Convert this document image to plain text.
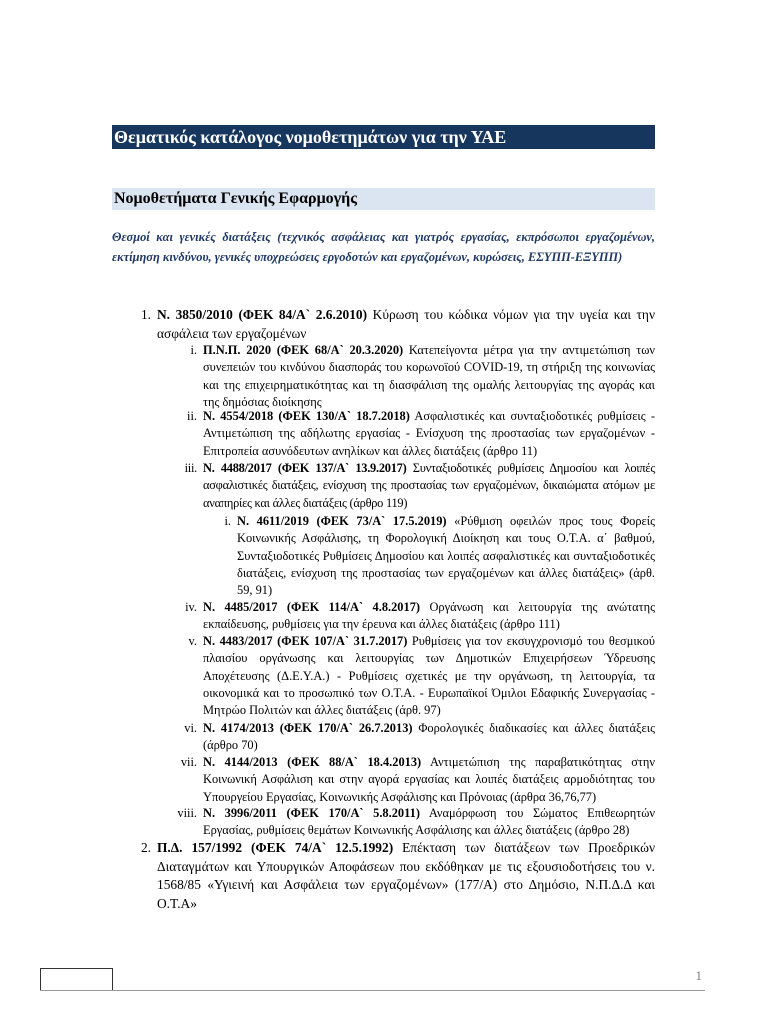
Θεματικός κατάλογος νομοθετημάτων για την ΥΑΕ
Νομοθετήματα Γενικής Εφαρμογής
Θεσμοί και γενικές διατάξεις (τεχνικός ασφάλειας και γιατρός εργασίας, εκπρόσωποι εργαζομένων, εκτίμηση κινδύνου, γενικές υποχρεώσεις εργοδοτών και εργαζομένων, κυρώσεις, ΕΣΥΠΠ-ΕΞΥΠΠ)
1. Ν. 3850/2010 (ΦΕΚ 84/Α` 2.6.2010) Κύρωση του κώδικα νόμων για την υγεία και την ασφάλεια των εργαζομένων
i. Π.Ν.Π. 2020 (ΦΕΚ 68/Α` 20.3.2020) Κατεπείγοντα μέτρα για την αντιμετώπιση των συνεπειών του κινδύνου διασποράς του κορωνοϊού COVID-19, τη στήριξη της κοινωνίας και της επιχειρηματικότητας και τη διασφάλιση της ομαλής λειτουργίας της αγοράς και της δημόσιας διοίκησης
ii. Ν. 4554/2018 (ΦΕΚ 130/Α` 18.7.2018) Ασφαλιστικές και συνταξιοδοτικές ρυθμίσεις - Αντιμετώπιση της αδήλωτης εργασίας - Ενίσχυση της προστασίας των εργαζομένων - Επιτροπεία ασυνόδευτων ανηλίκων και άλλες διατάξεις (άρθρο 11)
iii. Ν. 4488/2017 (ΦΕΚ 137/Α` 13.9.2017) Συνταξιοδοτικές ρυθμίσεις Δημοσίου και λοιπές ασφαλιστικές διατάξεις, ενίσχυση της προστασίας των εργαζομένων, δικαιώματα ατόμων με αναπηρίες και άλλες διατάξεις (άρθρο 119)
i. Ν. 4611/2019 (ΦΕΚ 73/Α` 17.5.2019) «Ρύθμιση οφειλών προς τους Φορείς Κοινωνικής Ασφάλισης, τη Φορολογική Διοίκηση και τους Ο.Τ.Α. α΄ βαθμού, Συνταξιοδοτικές Ρυθμίσεις Δημοσίου και λοιπές ασφαλιστικές και συνταξιοδοτικές διατάξεις, ενίσχυση της προστασίας των εργαζομένων και άλλες διατάξεις» (άρθ. 59, 91)
iv. Ν. 4485/2017 (ΦΕΚ 114/Α` 4.8.2017) Οργάνωση και λειτουργία της ανώτατης εκπαίδευσης, ρυθμίσεις για την έρευνα και άλλες διατάξεις (άρθρο 111)
v. Ν. 4483/2017 (ΦΕΚ 107/Α` 31.7.2017) Ρυθμίσεις για τον εκσυγχρονισμό του θεσμικού πλαισίου οργάνωσης και λειτουργίας των Δημοτικών Επιχειρήσεων Ύδρευσης Αποχέτευσης (Δ.Ε.Υ.Α.) - Ρυθμίσεις σχετικές με την οργάνωση, τη λειτουργία, τα οικονομικά και το προσωπικό των Ο.Τ.Α. - Ευρωπαϊκοί Όμιλοι Εδαφικής Συνεργασίας - Μητρώο Πολιτών και άλλες διατάξεις (άρθ. 97)
vi. Ν. 4174/2013 (ΦΕΚ 170/Α` 26.7.2013) Φορολογικές διαδικασίες και άλλες διατάξεις (άρθρο 70)
vii. Ν. 4144/2013 (ΦΕΚ 88/Α` 18.4.2013) Αντιμετώπιση της παραβατικότητας στην Κοινωνική Ασφάλιση και στην αγορά εργασίας και λοιπές διατάξεις αρμοδιότητας του Υπουργείου Εργασίας, Κοινωνικής Ασφάλισης και Πρόνοιας (άρθρα 36,76,77)
viii. Ν. 3996/2011 (ΦΕΚ 170/Α` 5.8.2011) Αναμόρφωση του Σώματος Επιθεωρητών Εργασίας, ρυθμίσεις θεμάτων Κοινωνικής Ασφάλισης και άλλες διατάξεις (άρθρο 28)
2. Π.Δ. 157/1992 (ΦΕΚ 74/Α` 12.5.1992) Επέκταση των διατάξεων των Προεδρικών Διαταγμάτων και Υπουργικών Αποφάσεων που εκδόθηκαν με τις εξουσιοδοτήσεις του ν. 1568/85 «Υγιεινή και Ασφάλεια των εργαζομένων» (177/Α) στο Δημόσιο, Ν.Π.Δ.Δ και Ο.Τ.Α»
1
